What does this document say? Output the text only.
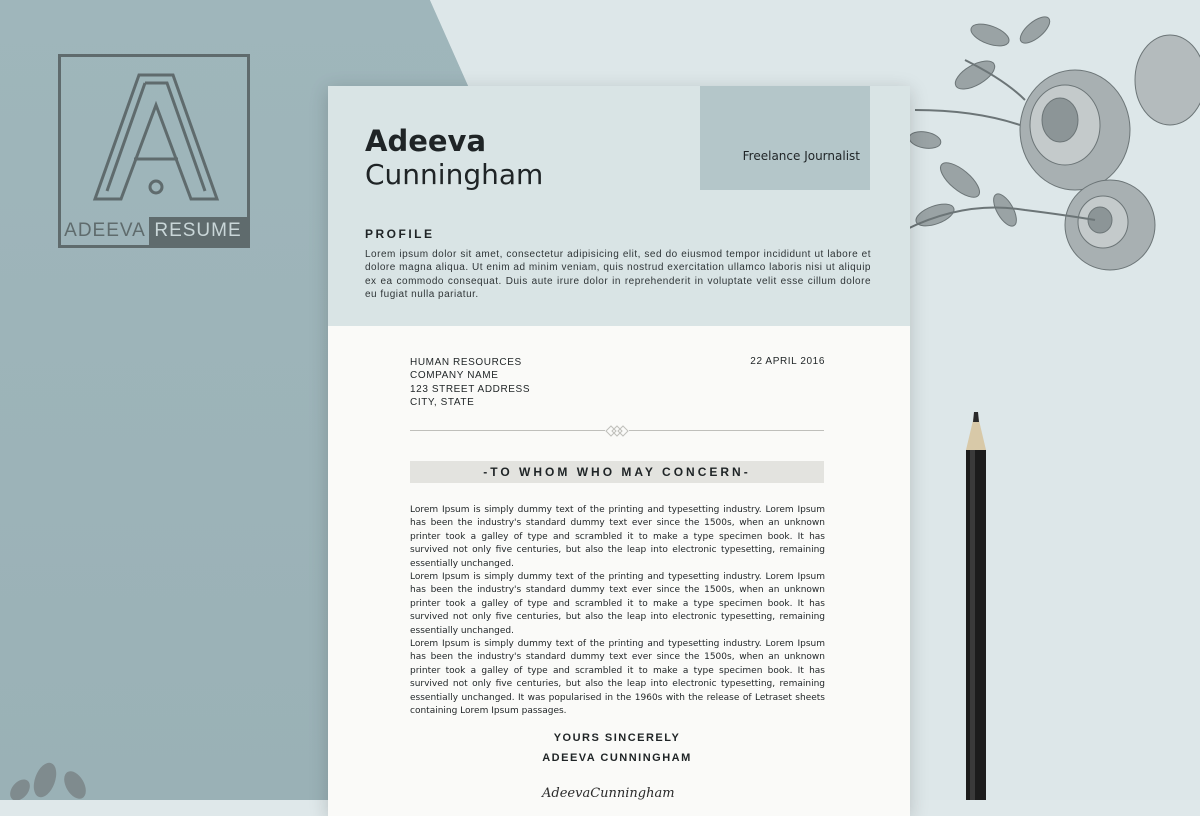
ADEEVA RESUME
Adeeva
Cunningham
Freelance Journalist
PROFILE
Lorem ipsum dolor sit amet, consectetur adipisicing elit, sed do eiusmod tempor incididunt ut labore et dolore magna aliqua. Ut enim ad minim veniam, quis nostrud exercitation ullamco laboris nisi ut aliquip ex ea commodo consequat. Duis aute irure dolor in reprehenderit in voluptate velit esse cillum dolore eu fugiat nulla pariatur.
HUMAN RESOURCES
COMPANY NAME
123 STREET ADDRESS
CITY, STATE
22 APRIL 2016
-TO WHOM WHO MAY CONCERN-
Lorem Ipsum is simply dummy text of the printing and typesetting industry. Lorem Ipsum has been the industry's standard dummy text ever since the 1500s, when an unknown printer took a galley of type and scrambled it to make a type specimen book. It has survived not only five centuries, but also the leap into electronic typesetting, remaining essentially unchanged.
Lorem Ipsum is simply dummy text of the printing and typesetting industry. Lorem Ipsum has been the industry's standard dummy text ever since the 1500s, when an unknown printer took a galley of type and scrambled it to make a type specimen book. It has survived not only five centuries, but also the leap into electronic typesetting, remaining essentially unchanged.
Lorem Ipsum is simply dummy text of the printing and typesetting industry. Lorem Ipsum has been the industry's standard dummy text ever since the 1500s, when an unknown printer took a galley of type and scrambled it to make a type specimen book. It has survived not only five centuries, but also the leap into electronic typesetting, remaining essentially unchanged. It was popularised in the 1960s with the release of Letraset sheets containing Lorem Ipsum passages.
YOURS SINCERELY
ADEEVA CUNNINGHAM
AdeevaCunningham
